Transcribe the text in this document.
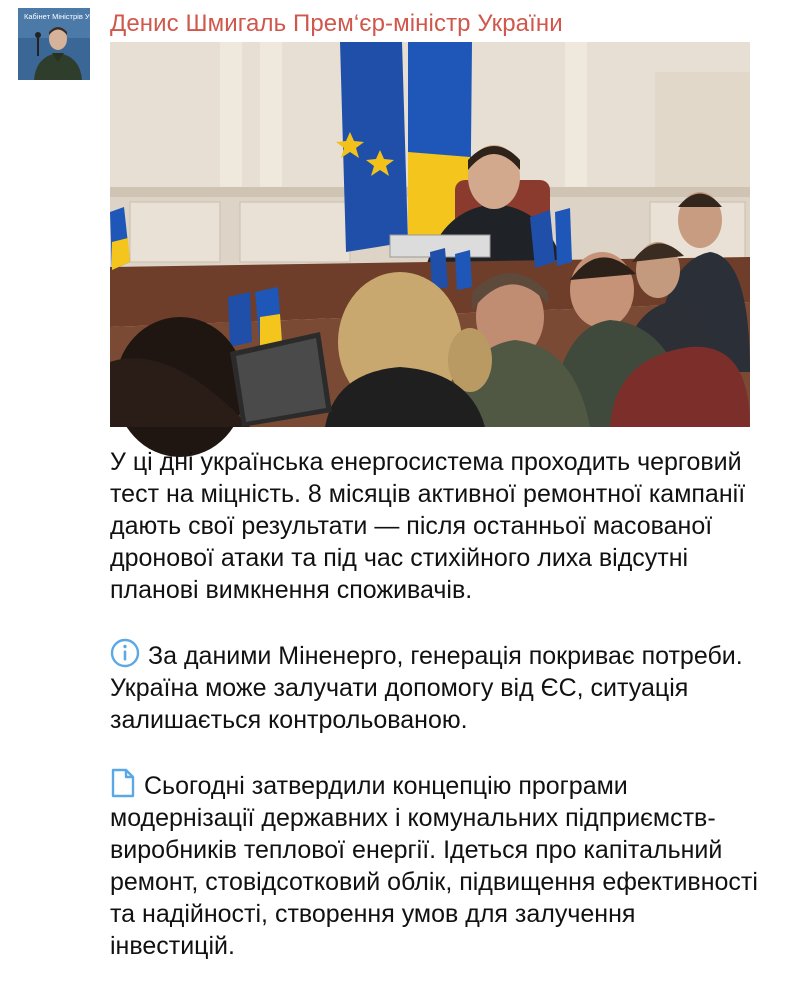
Кабінет Міністрів України
Денис Шмигаль Прем‘єр-міністр України

У ці дні українська енергосистема проходить черговий тест на міцність. 8 місяців активної ремонтної кампанії дають свої результати — після останньої масованої дронової атаки та під час стихійного лиха відсутні планові вимкнення споживачів.

За даними Міненерго, генерація покриває потреби. Україна може залучати допомогу від ЄС, ситуація залишається контрольованою.

Сьогодні затвердили концепцію програми модернізації державних і комунальних підприємств-виробників теплової енергії. Ідеться про капітальний ремонт, стовідсотковий облік, підвищення ефективності та надійності, створення умов для залучення інвестицій.
